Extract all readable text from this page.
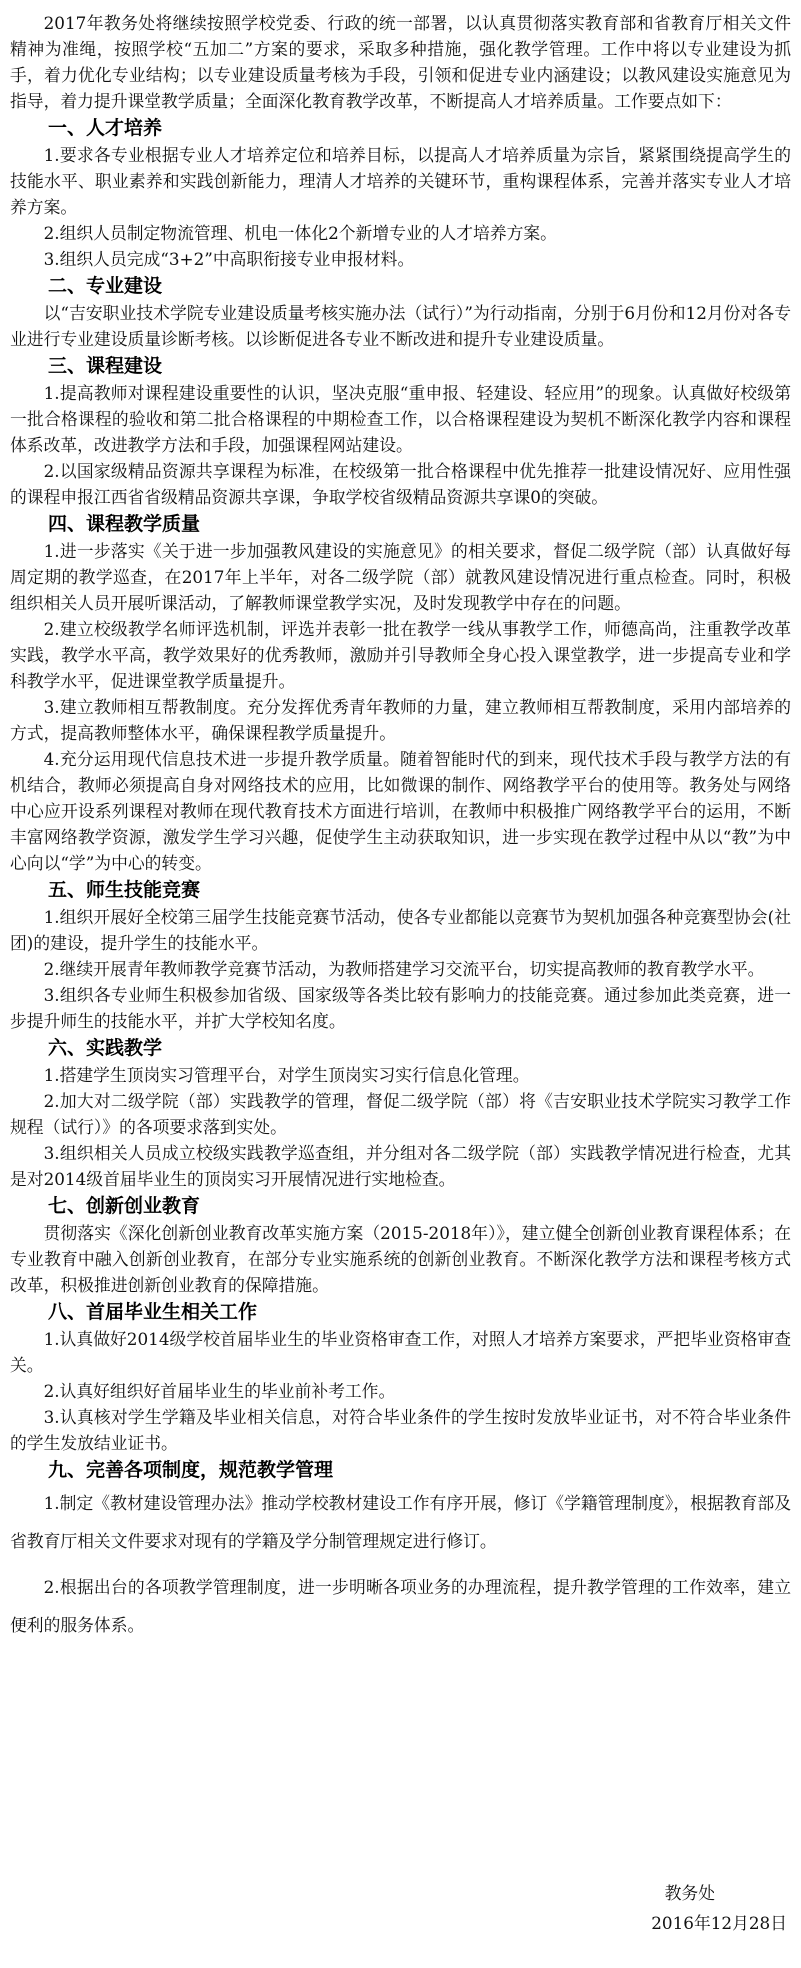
2017年教务处将继续按照学校党委、行政的统一部署，以认真贯彻落实教育部和省教育厅相关文件精神为准绳，按照学校“五加二”方案的要求，采取多种措施，强化教学管理。工作中将以专业建设为抓手，着力优化专业结构；以专业建设质量考核为手段，引领和促进专业内涵建设；以教风建设实施意见为指导，着力提升课堂教学质量；全面深化教育教学改革，不断提高人才培养质量。工作要点如下：

一、人才培养

1.要求各专业根据专业人才培养定位和培养目标，以提高人才培养质量为宗旨，紧紧围绕提高学生的技能水平、职业素养和实践创新能力，理清人才培养的关键环节，重构课程体系，完善并落实专业人才培养方案。

2.组织人员制定物流管理、机电一体化2个新增专业的人才培养方案。

3.组织人员完成“3+2”中高职衔接专业申报材料。

二、专业建设

以“吉安职业技术学院专业建设质量考核实施办法（试行）”为行动指南，分别于6月份和12月份对各专业进行专业建设质量诊断考核。以诊断促进各专业不断改进和提升专业建设质量。

三、课程建设

1.提高教师对课程建设重要性的认识，坚决克服“重申报、轻建设、轻应用”的现象。认真做好校级第一批合格课程的验收和第二批合格课程的中期检查工作，以合格课程建设为契机不断深化教学内容和课程体系改革，改进教学方法和手段，加强课程网站建设。

2.以国家级精品资源共享课程为标准，在校级第一批合格课程中优先推荐一批建设情况好、应用性强的课程申报江西省省级精品资源共享课，争取学校省级精品资源共享课0的突破。

四、课程教学质量

1.进一步落实《关于进一步加强教风建设的实施意见》的相关要求，督促二级学院（部）认真做好每周定期的教学巡查，在2017年上半年，对各二级学院（部）就教风建设情况进行重点检查。同时，积极组织相关人员开展听课活动，了解教师课堂教学实况，及时发现教学中存在的问题。

2.建立校级教学名师评选机制，评选并表彰一批在教学一线从事教学工作，师德高尚，注重教学改革实践，教学水平高，教学效果好的优秀教师，激励并引导教师全身心投入课堂教学，进一步提高专业和学科教学水平，促进课堂教学质量提升。

3.建立教师相互帮教制度。充分发挥优秀青年教师的力量，建立教师相互帮教制度，采用内部培养的方式，提高教师整体水平，确保课程教学质量提升。

4.充分运用现代信息技术进一步提升教学质量。随着智能时代的到来，现代技术手段与教学方法的有机结合，教师必须提高自身对网络技术的应用，比如微课的制作、网络教学平台的使用等。教务处与网络中心应开设系列课程对教师在现代教育技术方面进行培训，在教师中积极推广网络教学平台的运用，不断丰富网络教学资源，激发学生学习兴趣，促使学生主动获取知识，进一步实现在教学过程中从以“教”为中心向以“学”为中心的转变。

五、师生技能竞赛

1.组织开展好全校第三届学生技能竞赛节活动，使各专业都能以竞赛节为契机加强各种竞赛型协会(社团)的建设，提升学生的技能水平。

2.继续开展青年教师教学竞赛节活动，为教师搭建学习交流平台，切实提高教师的教育教学水平。

3.组织各专业师生积极参加省级、国家级等各类比较有影响力的技能竞赛。通过参加此类竞赛，进一步提升师生的技能水平，并扩大学校知名度。

六、实践教学

1.搭建学生顶岗实习管理平台，对学生顶岗实习实行信息化管理。

2.加大对二级学院（部）实践教学的管理，督促二级学院（部）将《吉安职业技术学院实习教学工作规程（试行）》的各项要求落到实处。

3.组织相关人员成立校级实践教学巡查组，并分组对各二级学院（部）实践教学情况进行检查，尤其是对2014级首届毕业生的顶岗实习开展情况进行实地检查。

七、创新创业教育

贯彻落实《深化创新创业教育改革实施方案（2015-2018年）》，建立健全创新创业教育课程体系；在专业教育中融入创新创业教育，在部分专业实施系统的创新创业教育。不断深化教学方法和课程考核方式改革，积极推进创新创业教育的保障措施。

八、首届毕业生相关工作

1.认真做好2014级学校首届毕业生的毕业资格审查工作，对照人才培养方案要求，严把毕业资格审查关。

2.认真好组织好首届毕业生的毕业前补考工作。

3.认真核对学生学籍及毕业相关信息，对符合毕业条件的学生按时发放毕业证书，对不符合毕业条件的学生发放结业证书。

九、完善各项制度，规范教学管理

1.制定《教材建设管理办法》推动学校教材建设工作有序开展，修订《学籍管理制度》，根据教育部及省教育厅相关文件要求对现有的学籍及学分制管理规定进行修订。

2.根据出台的各项教学管理制度，进一步明晰各项业务的办理流程，提升教学管理的工作效率，建立便利的服务体系。

教务处
2016年12月28日
